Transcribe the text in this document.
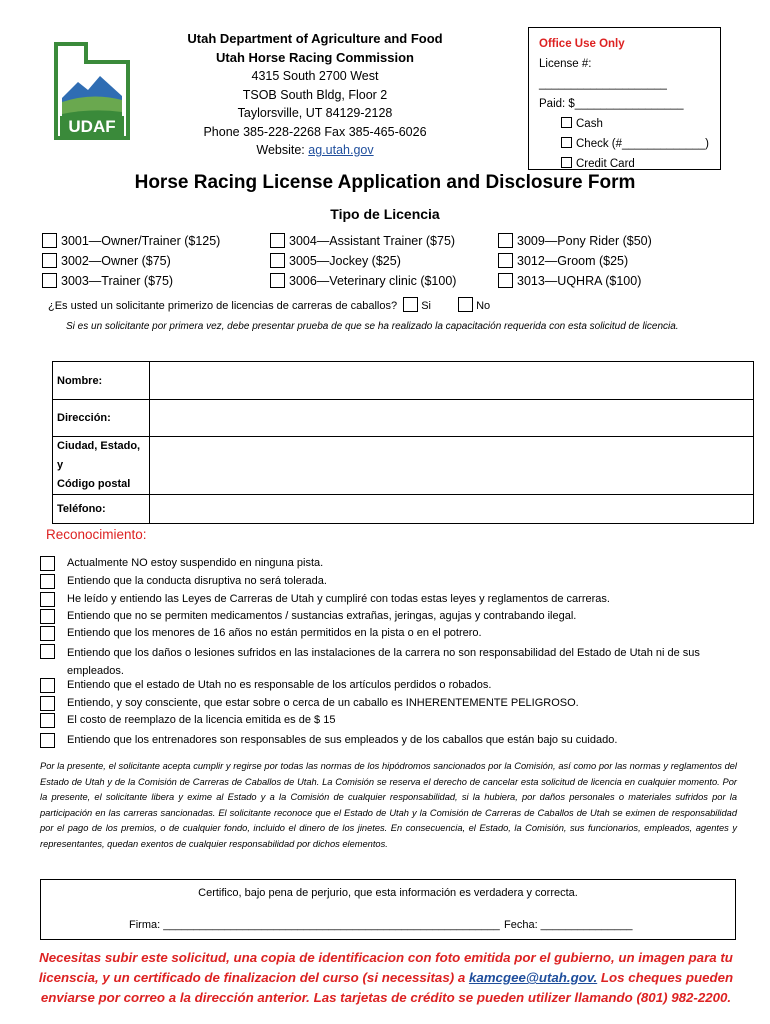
UDAF
Utah Department of Agriculture and Food
Utah Horse Racing Commission
4315 South 2700 West
TSOB South Bldg, Floor 2
Taylorsville, UT 84129-2128
Phone 385-228-2268 Fax 385-465-6026
Website: ag.utah.gov
Office Use Only
License #: ____________________
Paid: $_________________
Cash
Check (#_____________)
Credit Card
Horse Racing License Application and Disclosure Form
Tipo de Licencia
3001—Owner/Trainer ($125)
3002—Owner ($75)
3003—Trainer ($75)
3004—Assistant Trainer ($75)
3005—Jockey ($25)
3006—Veterinary clinic ($100)
3009—Pony Rider ($50)
3012—Groom ($25)
3013—UQHRA ($100)
¿Es usted un solicitante primerizo de licencias de carreras de caballos? Si	No
Si es un solicitante por primera vez, debe presentar prueba de que se ha realizado la capacitación requerida con esta solicitud de licencia.
Nombre:	
Dirección:	
Ciudad, Estado, y
Código postal	
Teléfono:	
Reconocimiento:
Actualmente NO estoy suspendido en ninguna pista.
Entiendo que la conducta disruptiva no será tolerada.
He leído y entiendo las Leyes de Carreras de Utah y cumpliré con todas estas leyes y reglamentos de carreras.
Entiendo que no se permiten medicamentos / sustancias extrañas, jeringas, agujas y contrabando ilegal.
Entiendo que los menores de 16 años no están permitidos en la pista o en el potrero.
Entiendo que los daños o lesiones sufridos en las instalaciones de la carrera no son responsabilidad del Estado de Utah ni de sus empleados.
Entiendo que el estado de Utah no es responsable de los artículos perdidos o robados.
Entiendo, y soy consciente, que estar sobre o cerca de un caballo es INHERENTEMENTE PELIGROSO.
El costo de reemplazo de la licencia emitida es de $ 15
Entiendo que los entrenadores son responsables de sus empleados y de los caballos que están bajo su cuidado.
Por la presente, el solicitante acepta cumplir y regirse por todas las normas de los hipódromos sancionados por la Comisión, así como por las normas y reglamentos del Estado de Utah y de la Comisión de Carreras de Caballos de Utah. La Comisión se reserva el derecho de cancelar esta solicitud de licencia en cualquier momento. Por la presente, el solicitante libera y exime al Estado y a la Comisión de cualquier responsabilidad, si la hubiera, por daños personales o materiales sufridos por la participación en las carreras sancionadas. El solicitante reconoce que el Estado de Utah y la Comisión de Carreras de Caballos de Utah se eximen de responsabilidad por el pago de los premios, o de cualquier fondo, incluido el dinero de los jinetes. En consecuencia, el Estado, la Comisión, sus funcionarios, empleados, agentes y representantes, quedan exentos de cualquier responsabilidad por dichos elementos.
Certifico, bajo pena de perjurio, que esta información es verdadera y correcta.
Firma: _______________________________________________________ Fecha: _______________
Necesitas subir este solicitud, una copia de identificacion con foto emitida por el gubierno, un imagen para tu licenscia, y un certificado de finalizacion del curso (si necessitas) a kamcgee@utah.gov. Los cheques pueden enviarse por correo a la dirección anterior. Las tarjetas de crédito se pueden utilizer llamando (801) 982-2200.
